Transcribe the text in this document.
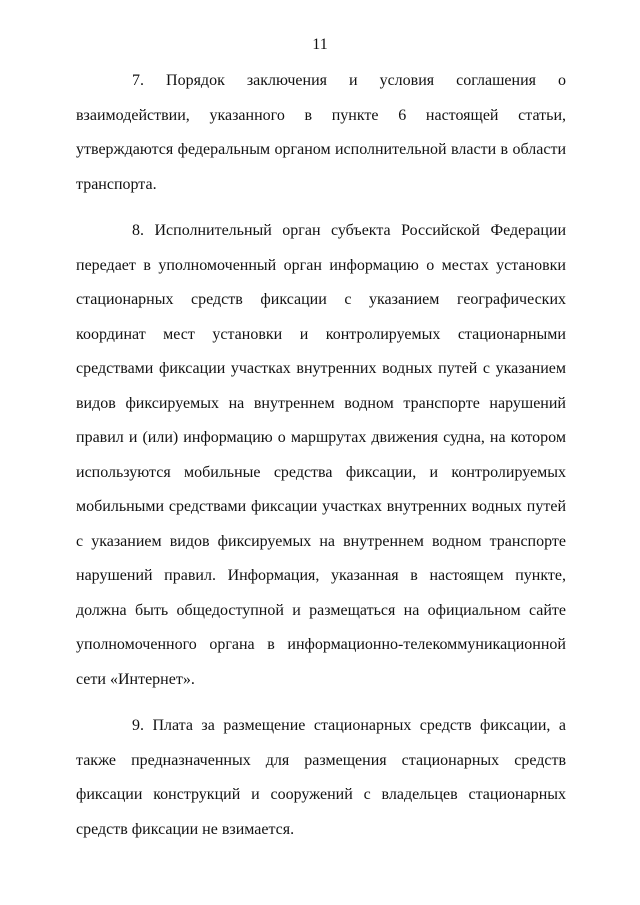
11

7. Порядок заключения и условия соглашения о взаимодействии, указанного в пункте 6 настоящей статьи, утверждаются федеральным органом исполнительной власти в области транспорта.

8. Исполнительный орган субъекта Российской Федерации передает в уполномоченный орган информацию о местах установки стационарных средств фиксации с указанием географических координат мест установки и контролируемых стационарными средствами фиксации участках внутренних водных путей с указанием видов фиксируемых на внутреннем водном транспорте нарушений правил и (или) информацию о маршрутах движения судна, на котором используются мобильные средства фиксации, и контролируемых мобильными средствами фиксации участках внутренних водных путей с указанием видов фиксируемых на внутреннем водном транспорте нарушений правил. Информация, указанная в настоящем пункте, должна быть общедоступной и размещаться на официальном сайте уполномоченного органа в информационно-телекоммуникационной сети «Интернет».

9. Плата за размещение стационарных средств фиксации, а также предназначенных для размещения стационарных средств фиксации конструкций и сооружений с владельцев стационарных средств фиксации не взимается.
